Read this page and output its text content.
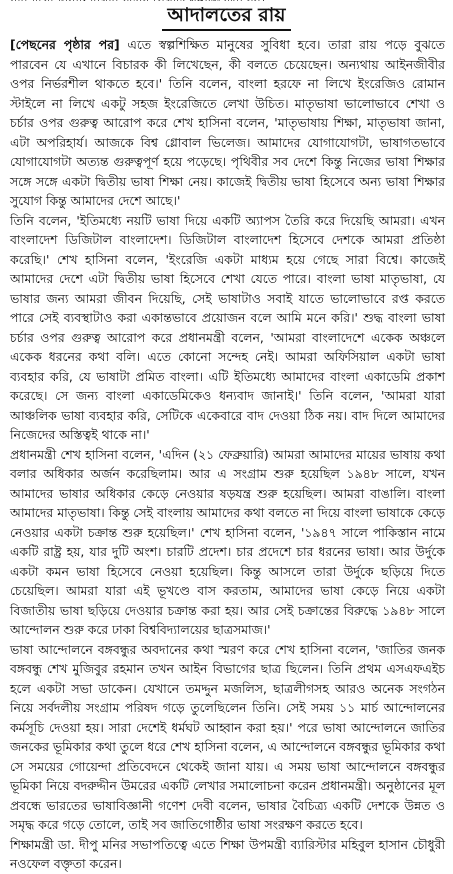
আদালতের রায়

[পেছনের পৃষ্ঠার পর] এতে স্বল্পশিক্ষিত মানুষের সুবিধা হবে। তারা রায় পড়ে বুঝতে পারবেন যে এখানে বিচারক কী লিখেছেন, কী বলতে চেয়েছেন। অন্যথায় আইনজীবীর ওপর নির্ভরশীল থাকতে হবে।' তিনি বলেন, বাংলা হরফে না লিখে ইংরেজিও রোমান স্টাইলে না লিখে একটু সহজ ইংরেজিতে লেখা উচিত। মাতৃভাষা ভালোভাবে শেখা ও চর্চার ওপর গুরুত্ব আরোপ করে শেখ হাসিনা বলেন, 'মাতৃভাষায় শিক্ষা, মাতৃভাষা জানা, এটা অপরিহার্য। আজকে বিশ্ব গ্লোবাল ভিলেজ। আমাদের যোগাযোগটা, ভাষাগতভাবে যোগাযোগটা অত্যন্ত গুরুত্বপূর্ণ হয়ে পড়েছে। পৃথিবীর সব দেশে কিন্তু নিজের ভাষা শিক্ষার সঙ্গে সঙ্গে একটা দ্বিতীয় ভাষা শিক্ষা নেয়। কাজেই দ্বিতীয় ভাষা হিসেবে অন্য ভাষা শিক্ষার সুযোগ কিন্তু আমাদের দেশে আছে।'

তিনি বলেন, 'ইতিমধ্যে নয়টি ভাষা দিয়ে একটি অ্যাপস তৈরি করে দিয়েছি আমরা। এখন বাংলাদেশ ডিজিটাল বাংলাদেশ। ডিজিটাল বাংলাদেশ হিসেবে দেশকে আমরা প্রতিষ্ঠা করেছি।' শেখ হাসিনা বলেন, 'ইংরেজি একটা মাধ্যম হয়ে গেছে সারা বিশ্বে। কাজেই আমাদের দেশে এটা দ্বিতীয় ভাষা হিসেবে শেখা যেতে পারে। বাংলা ভাষা মাতৃভাষা, যে ভাষার জন্য আমরা জীবন দিয়েছি, সেই ভাষাটাও সবাই যাতে ভালোভাবে রপ্ত করতে পারে সেই ব্যবস্থাটাও করা একান্তভাবে প্রয়োজন বলে আমি মনে করি।' শুদ্ধ বাংলা ভাষা চর্চার ওপর গুরুত্ব আরোপ করে প্রধানমন্ত্রী বলেন, 'আমরা বাংলাদেশে একেক অঞ্চলে একেক ধরনের কথা বলি। এতে কোনো সন্দেহ নেই। আমরা অফিসিয়াল একটা ভাষা ব্যবহার করি, যে ভাষাটা প্রমিত বাংলা। এটি ইতিমধ্যে আমাদের বাংলা একাডেমি প্রকাশ করেছে। সে জন্য বাংলা একাডেমিকেও ধন্যবাদ জানাই।' তিনি বলেন, 'আমরা যারা আঞ্চলিক ভাষা ব্যবহার করি, সেটিকে একেবারে বাদ দেওয়া ঠিক নয়। বাদ দিলে আমাদের নিজেদের অস্তিত্বই থাকে না।'

প্রধানমন্ত্রী শেখ হাসিনা বলেন, 'এদিন (২১ ফেব্রুয়ারি) আমরা আমাদের মায়ের ভাষায় কথা বলার অধিকার অর্জন করেছিলাম। আর এ সংগ্রাম শুরু হয়েছিল ১৯৪৮ সালে, যখন আমাদের ভাষার অধিকার কেড়ে নেওয়ার ষড়যন্ত্র শুরু হয়েছিল। আমরা বাঙালি। বাংলা আমাদের মাতৃভাষা। কিন্তু সেই বাংলায় আমাদের কথা বলতে না দিয়ে বাংলা ভাষাকে কেড়ে নেওয়ার একটা চক্রান্ত শুরু হয়েছিল।' শেখ হাসিনা বলেন, '১৯৪৭ সালে পাকিস্তান নামে একটি রাষ্ট্র হয়, যার দুটি অংশ। চারটি প্রদেশ। চার প্রদেশে চার ধরনের ভাষা। আর উর্দুকে একটা কমন ভাষা হিসেবে নেওয়া হয়েছিল। কিন্তু আসলে তারা উর্দুকে ছড়িয়ে দিতে চেয়েছিল। আমরা যারা এই ভূখণ্ডে বাস করতাম, আমাদের ভাষা কেড়ে নিয়ে একটা বিজাতীয় ভাষা ছড়িয়ে দেওয়ার চক্রান্ত করা হয়। আর সেই চক্রান্তের বিরুদ্ধে ১৯৪৮ সালে আন্দোলন শুরু করে ঢাকা বিশ্ববিদ্যালয়ের ছাত্রসমাজ।'

ভাষা আন্দোলনে বঙ্গবন্ধুর অবদানের কথা স্মরণ করে শেখ হাসিনা বলেন, 'জাতির জনক বঙ্গবন্ধু শেখ মুজিবুর রহমান তখন আইন বিভাগের ছাত্র ছিলেন। তিনি প্রথম এসএফএইচ হলে একটা সভা ডাকেন। যেখানে তমদ্দুন মজলিস, ছাত্রলীগসহ আরও অনেক সংগঠন নিয়ে সর্বদলীয় সংগ্রাম পরিষদ গড়ে তুলেছিলেন তিনি। সেই সময় ১১ মার্চ আন্দোলনের কর্মসূচি দেওয়া হয়। সারা দেশেই ধর্মঘট আহ্বান করা হয়।' পরে ভাষা আন্দোলনে জাতির জনকের ভূমিকার কথা তুলে ধরে শেখ হাসিনা বলেন, এ আন্দোলনে বঙ্গবন্ধুর ভূমিকার কথা সে সময়ের গোয়েন্দা প্রতিবেদনে থেকেই জানা যায়। এ সময় ভাষা আন্দোলনে বঙ্গবন্ধুর ভূমিকা নিয়ে বদরুদ্দীন উমরের একটি লেখার সমালোচনা করেন প্রধানমন্ত্রী। অনুষ্ঠানের মূল প্রবন্ধে ভারতের ভাষাবিজ্ঞানী গণেশ দেবী বলেন, ভাষার বৈচিত্র্য একটি দেশকে উন্নত ও সমৃদ্ধ করে গড়ে তোলে, তাই সব জাতিগোষ্ঠীর ভাষা সংরক্ষণ করতে হবে।

শিক্ষামন্ত্রী ডা. দীপু মনির সভাপতিত্বে এতে শিক্ষা উপমন্ত্রী ব্যারিস্টার মহিবুল হাসান চৌধুরী নওফেল বক্তৃতা করেন।
